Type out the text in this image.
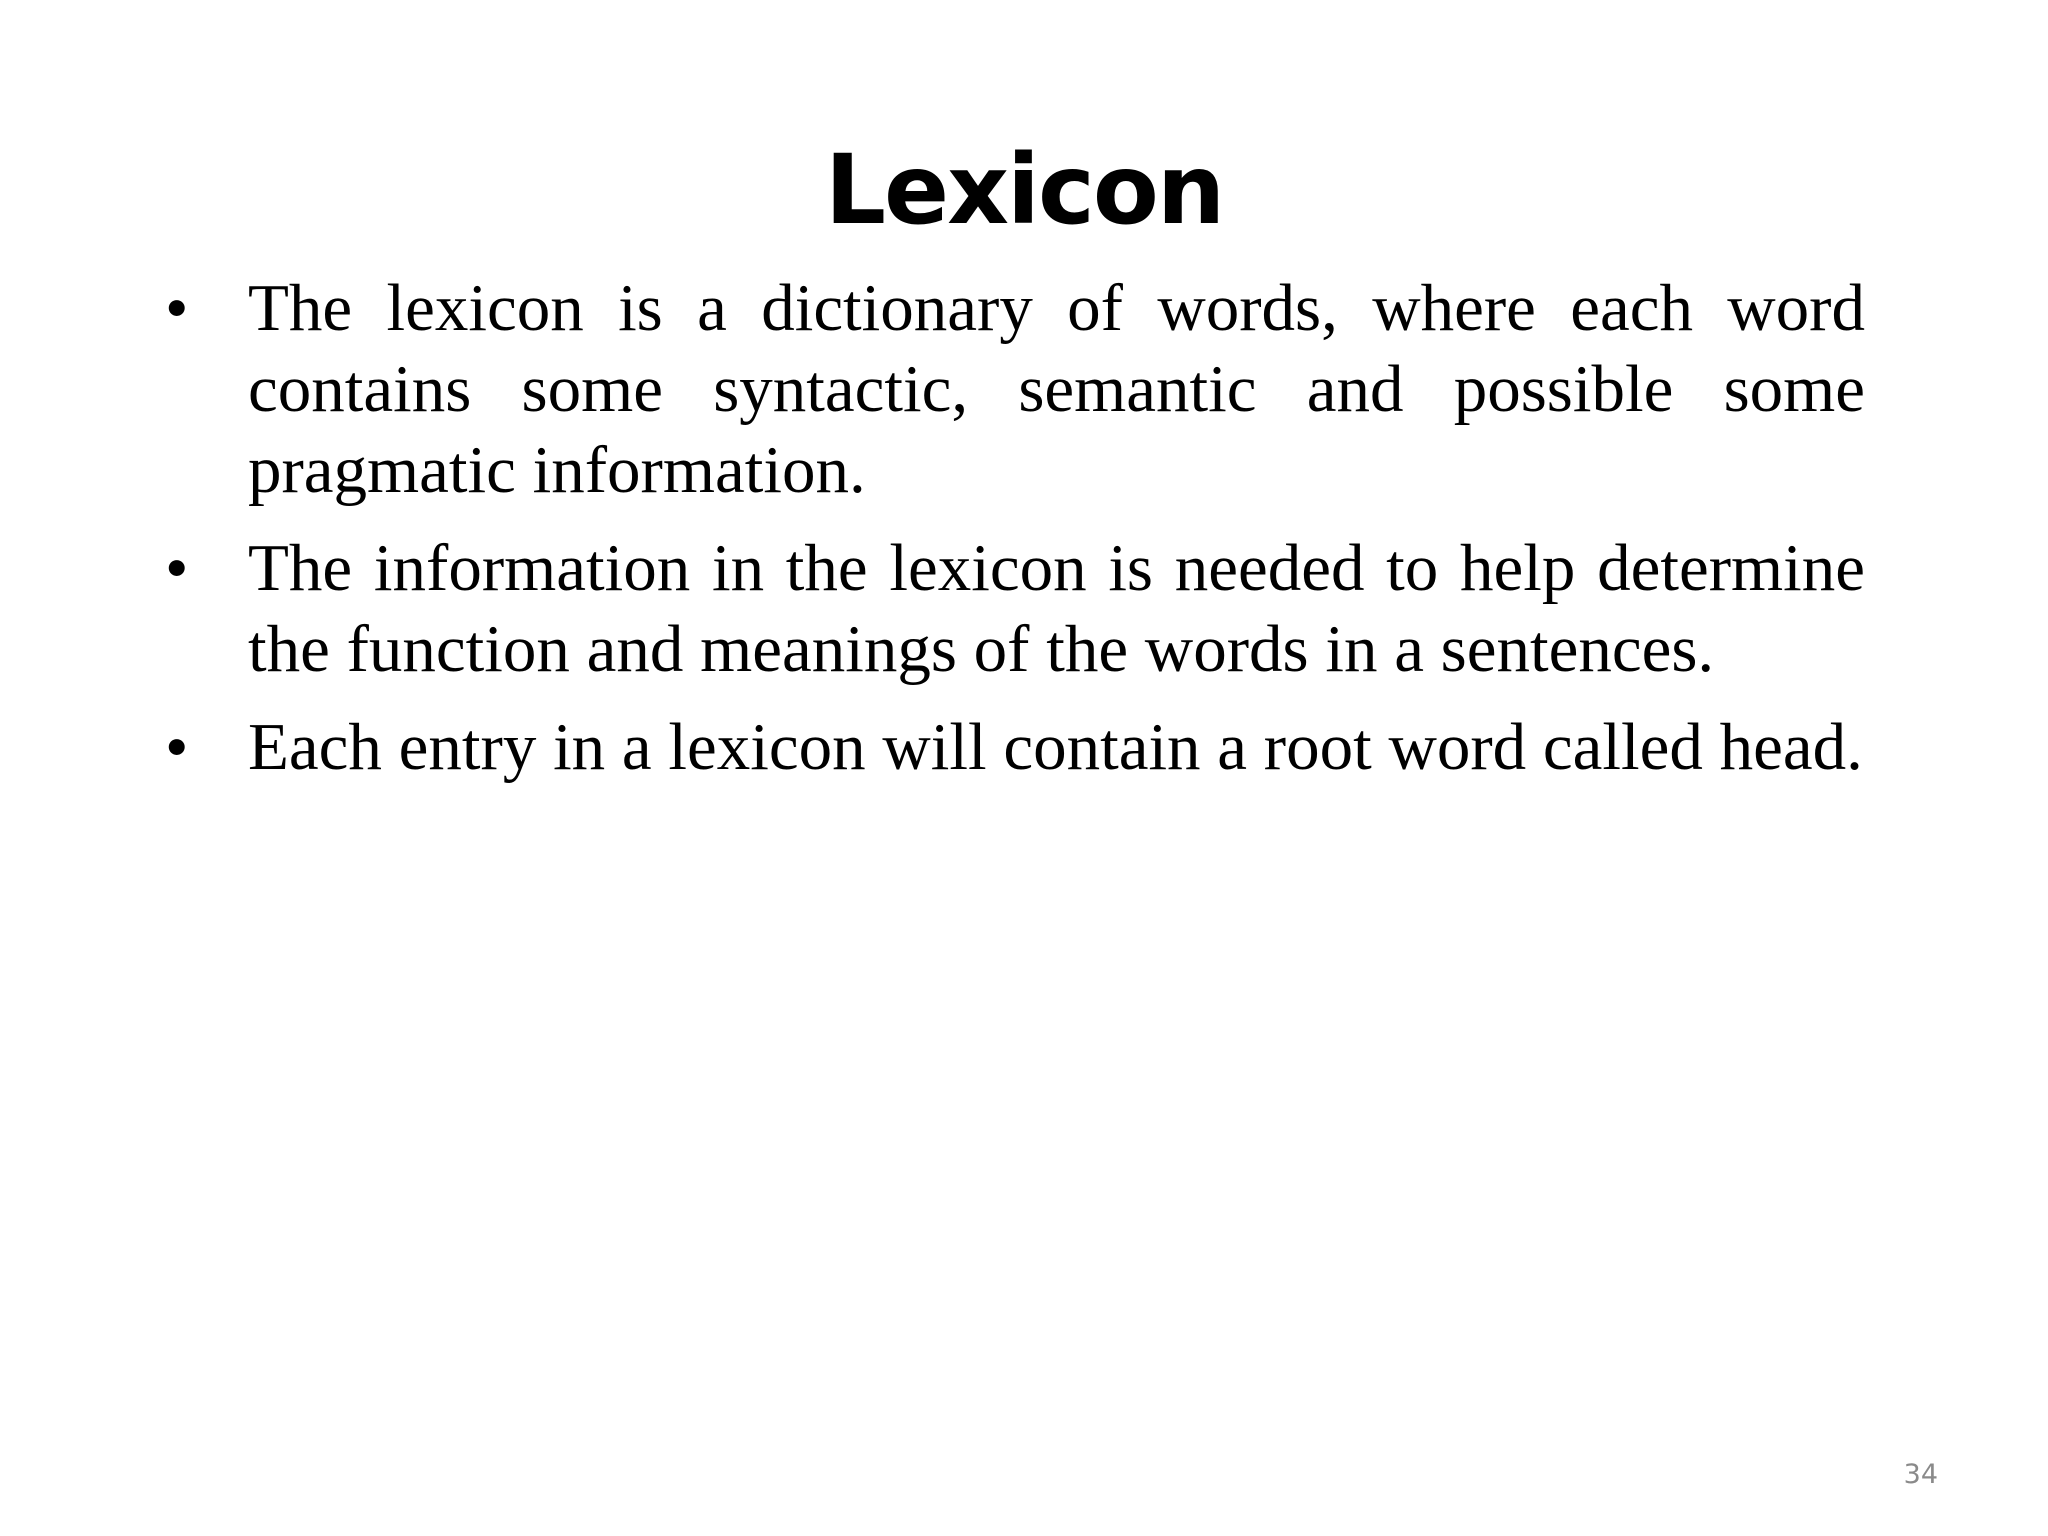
Lexicon
• The lexicon is a dictionary of words, where each word contains some syntactic, semantic and possible some pragmatic information.
• The information in the lexicon is needed to help determine the function and meanings of the words in a sentences.
• Each entry in a lexicon will contain a root word called head.
34
